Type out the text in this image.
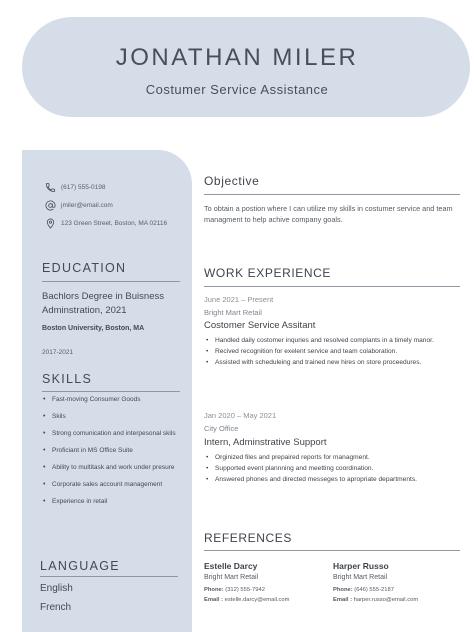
JONATHAN MILER
Costumer Service Assistance
(617) 555-0198
jmiler@email.com
123 Green Street, Boston, MA 02116
EDUCATION
Bachlors Degree in Buisness Adminstration, 2021
Boston University, Boston, MA
2017-2021
SKILLS
• Fast-moving Consumer Goods
• Skils
• Strong comunication and interpesonal skils
• Proficiant in MS Office Suite
• Ability to multitask and work under presure
• Corporate sales account management
• Experience in retail
LANGUAGE
English
French
Objective
To obtain a postion where I can utilize my skills in costumer service and team managment to help achive company goals.
WORK EXPERIENCE
June 2021 – Present
Bright Mart Retail
Costomer Service Assitant
• Handled daily costomer inquries and resolved complants in a timely manor.
• Recived recognition for exelent service and team colaboration.
• Assisted with scheduleing and trained new hires on store proceedures.
Jan 2020 – May 2021
City Office
Intern, Adminstrative Support
• Orginized files and prepaired reports for managment.
• Supported event plannning and meetting coordination.
• Answered phones and directed messeges to apropriate departments.
REFERENCES
Estelle Darcy
Bright Mart Retail
Phone: (312) 555-7942
Email : estelle.darcy@email.com
Harper Russo
Bright Mart Retail
Phone: (646) 555-2187
Email : harper.russo@email.com
